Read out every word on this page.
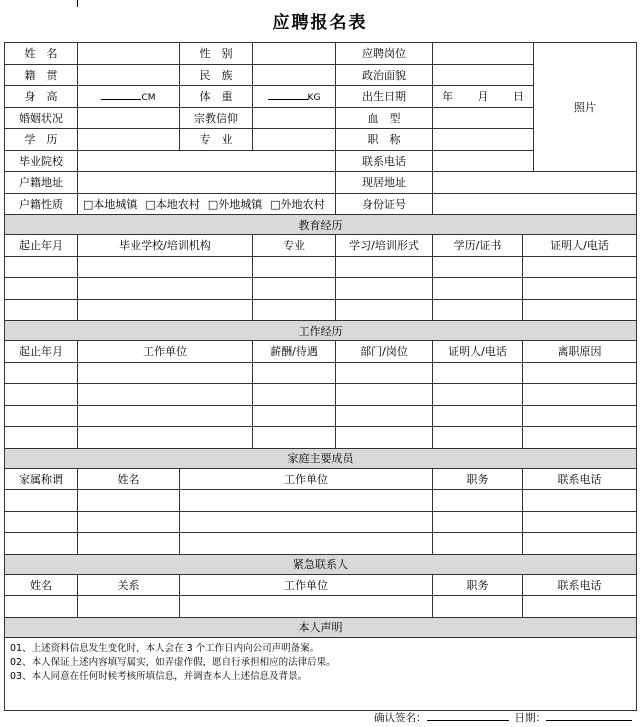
应聘报名表
姓　名		性　别		应聘岗位			照片
籍　贯		民　族		政治面貌			
身　高	CM	体　重	KG	出生日期	年 月 日		
婚姻状况		宗教信仰		血　型			
学　历		专　业		职　称			
毕业院校				联系电话			
户籍地址				现居地址			
户籍性质	□本地城镇 □本地农村 □外地城镇 □外地农村			身份证号			
教育经历							
起止年月	毕业学校/培训机构		专业	学习/培训形式	学历/证书	证明人/电话	

工作经历							
起止年月	工作单位		薪酬/待遇	部门/岗位	证明人/电话	离职原因	

家庭主要成员							
家属称谓	姓名	工作单位			职务	联系电话	

紧急联系人							
姓名	关系	工作单位			职务	联系电话	

本人声明							

01、上述资料信息发生变化时，本人会在 3 个工作日内向公司声明备案。
02、本人保证上述内容填写属实，如弄虚作假，愿自行承担相应的法律后果。
03、本人同意在任何时候考核所填信息，并调查本人上述信息及背景。							
确认签名：	日期：
